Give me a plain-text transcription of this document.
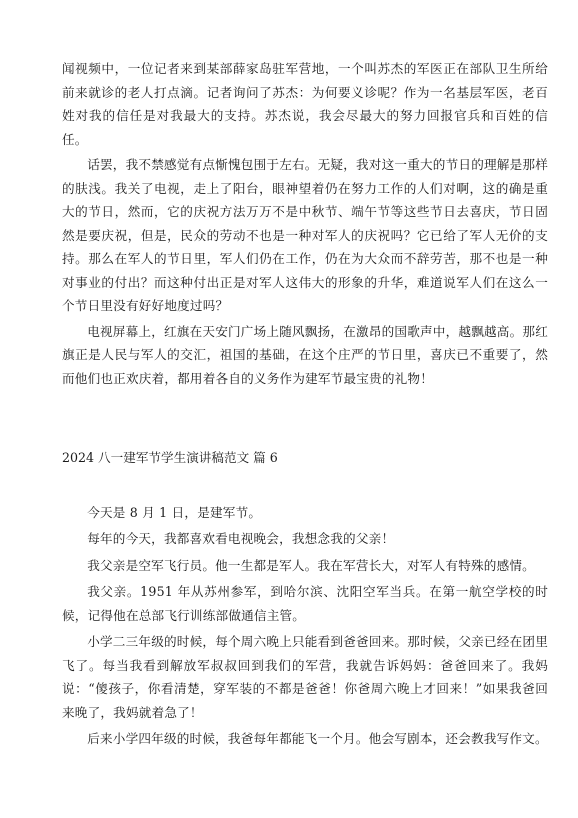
闻视频中，一位记者来到某部薛家岛驻军营地，一个叫苏杰的军医正在部队卫生所给前来就诊的老人打点滴。记者询问了苏杰：为何要义诊呢？作为一名基层军医，老百姓对我的信任是对我最大的支持。苏杰说，我会尽最大的努力回报官兵和百姓的信任。

话罢，我不禁感觉有点惭愧包围于左右。无疑，我对这一重大的节日的理解是那样的肤浅。我关了电视，走上了阳台，眼神望着仍在努力工作的人们对啊，这的确是重大的节日，然而，它的庆祝方法万万不是中秋节、端午节等这些节日去喜庆，节日固然是要庆祝，但是，民众的劳动不也是一种对军人的庆祝吗？它已给了军人无价的支持。那么在军人的节日里，军人们仍在工作，仍在为大众而不辞劳苦，那不也是一种对事业的付出？而这种付出正是对军人这伟大的形象的升华，难道说军人们在这么一个节日里没有好好地度过吗？

电视屏幕上，红旗在天安门广场上随风飘扬，在激昂的国歌声中，越飘越高。那红旗正是人民与军人的交汇，祖国的基础，在这个庄严的节日里，喜庆已不重要了，然而他们也正欢庆着，都用着各自的义务作为建军节最宝贵的礼物！

2024 八一建军节学生演讲稿范文 篇 6

今天是 8 月 1 日，是建军节。

每年的今天，我都喜欢看电视晚会，我想念我的父亲！

我父亲是空军飞行员。他一生都是军人。我在军营长大，对军人有特殊的感情。

我父亲。1951 年从苏州参军，到哈尔滨、沈阳空军当兵。在第一航空学校的时候，记得他在总部飞行训练部做通信主管。

小学二三年级的时候，每个周六晚上只能看到爸爸回来。那时候，父亲已经在团里飞了。每当我看到解放军叔叔回到我们的军营，我就告诉妈妈：爸爸回来了。我妈说：“傻孩子，你看清楚，穿军装的不都是爸爸！你爸周六晚上才回来！”如果我爸回来晚了，我妈就着急了！

后来小学四年级的时候，我爸每年都能飞一个月。他会写剧本，还会教我写作文。
